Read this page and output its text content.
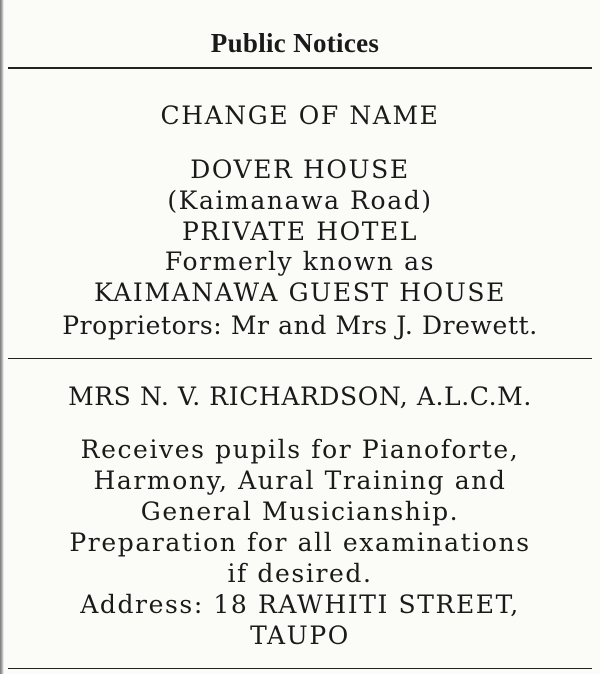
Public Notices
CHANGE OF NAME
DOVER HOUSE
(Kaimanawa Road)
PRIVATE HOTEL
Formerly known as
KAIMANAWA GUEST HOUSE
Proprietors: Mr and Mrs J. Drewett.
MRS N. V. RICHARDSON, A.L.C.M.
Receives pupils for Pianoforte,
Harmony, Aural Training and
General Musicianship.
Preparation for all examinations
if desired.
Address: 18 RAWHITI STREET,
TAUPO
